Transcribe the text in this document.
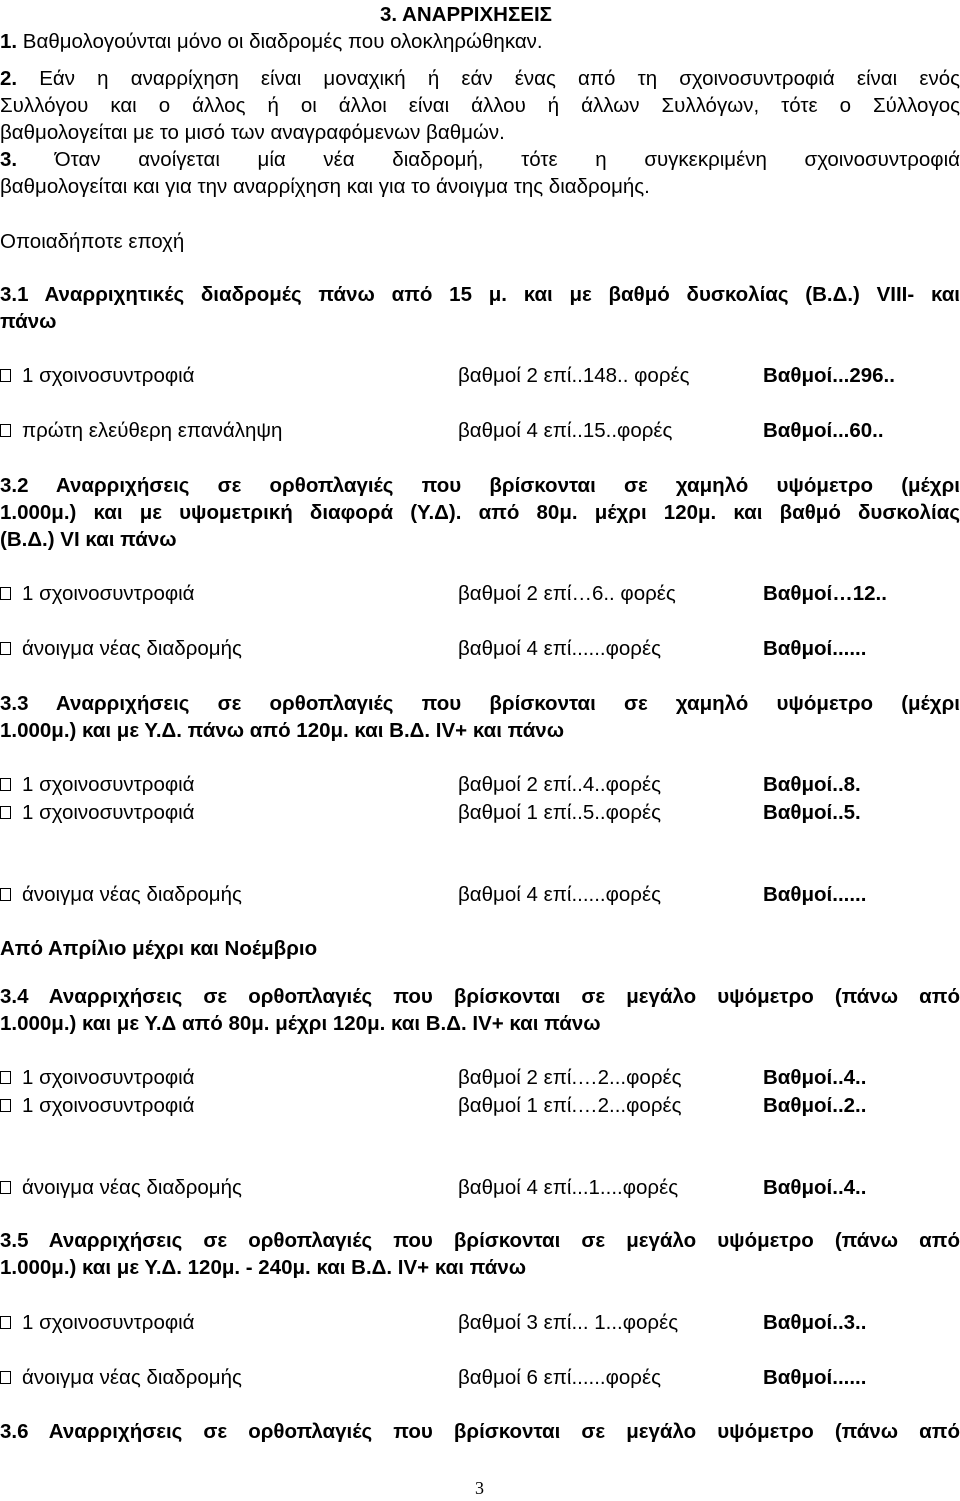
3. ΑΝΑΡΡΙΧΗΣΕΙΣ
1. Βαθμολογούνται μόνο οι διαδρομές που ολοκληρώθηκαν.
2. Εάν η αναρρίχηση είναι μοναχική ή εάν ένας από τη σχοινοσυντροφιά είναι ενός
Συλλόγου και ο άλλος ή οι άλλοι είναι άλλου ή άλλων Συλλόγων, τότε ο Σύλλογος
βαθμολογείται με το μισό των αναγραφόμενων βαθμών.
3. Όταν ανοίγεται μία νέα διαδρομή, τότε η συγκεκριμένη σχοινοσυντροφιά
βαθμολογείται και για την αναρρίχηση και για το άνοιγμα της διαδρομής.
Οποιαδήποτε εποχή
3.1 Αναρριχητικές διαδρομές πάνω από 15 μ. και με βαθμό δυσκολίας (Β.Δ.) VIII- και
πάνω
1 σχοινοσυντροφιά	βαθμοί 2 επί..148.. φορές	Βαθμοί...296..
πρώτη ελεύθερη επανάληψη	βαθμοί 4 επί..15..φορές	Βαθμοί...60..
3.2 Αναρριχήσεις σε ορθοπλαγιές που βρίσκονται σε χαμηλό υψόμετρο (μέχρι
1.000μ.) και με υψομετρική διαφορά (Υ.Δ). από 80μ. μέχρι 120μ. και βαθμό δυσκολίας
(Β.Δ.) VI και πάνω
1 σχοινοσυντροφιά	βαθμοί 2 επί…6.. φορές	Βαθμοί…12..
άνοιγμα νέας διαδρομής	βαθμοί 4 επί......φορές	Βαθμοί......
3.3 Αναρριχήσεις σε ορθοπλαγιές που βρίσκονται σε χαμηλό υψόμετρο (μέχρι
1.000μ.) και με Υ.Δ. πάνω από 120μ. και Β.Δ. IV+ και πάνω
1 σχοινοσυντροφιά	βαθμοί 2 επί..4..φορές	Βαθμοί..8.
1 σχοινοσυντροφιά	βαθμοί 1 επί..5..φορές	Βαθμοί..5.
άνοιγμα νέας διαδρομής	βαθμοί 4 επί......φορές	Βαθμοί......
Από Απρίλιο μέχρι και Νοέμβριο
3.4 Αναρριχήσεις σε ορθοπλαγιές που βρίσκονται σε μεγάλο υψόμετρο (πάνω από
1.000μ.) και με Υ.Δ από 80μ. μέχρι 120μ. και Β.Δ. IV+ και πάνω
1 σχοινοσυντροφιά	βαθμοί 2 επί.…2...φορές	Βαθμοί..4..
1 σχοινοσυντροφιά	βαθμοί 1 επί.…2...φορές	Βαθμοί..2..
άνοιγμα νέας διαδρομής	βαθμοί 4 επί...1....φορές	Βαθμοί..4..
3.5 Αναρριχήσεις σε ορθοπλαγιές που βρίσκονται σε μεγάλο υψόμετρο (πάνω από
1.000μ.) και με Υ.Δ. 120μ. - 240μ. και Β.Δ. IV+ και πάνω
1 σχοινοσυντροφιά	βαθμοί 3 επί... 1...φορές	Βαθμοί..3..
άνοιγμα νέας διαδρομής	βαθμοί 6 επί......φορές	Βαθμοί......
3.6 Αναρριχήσεις σε ορθοπλαγιές που βρίσκονται σε μεγάλο υψόμετρο (πάνω από
3
